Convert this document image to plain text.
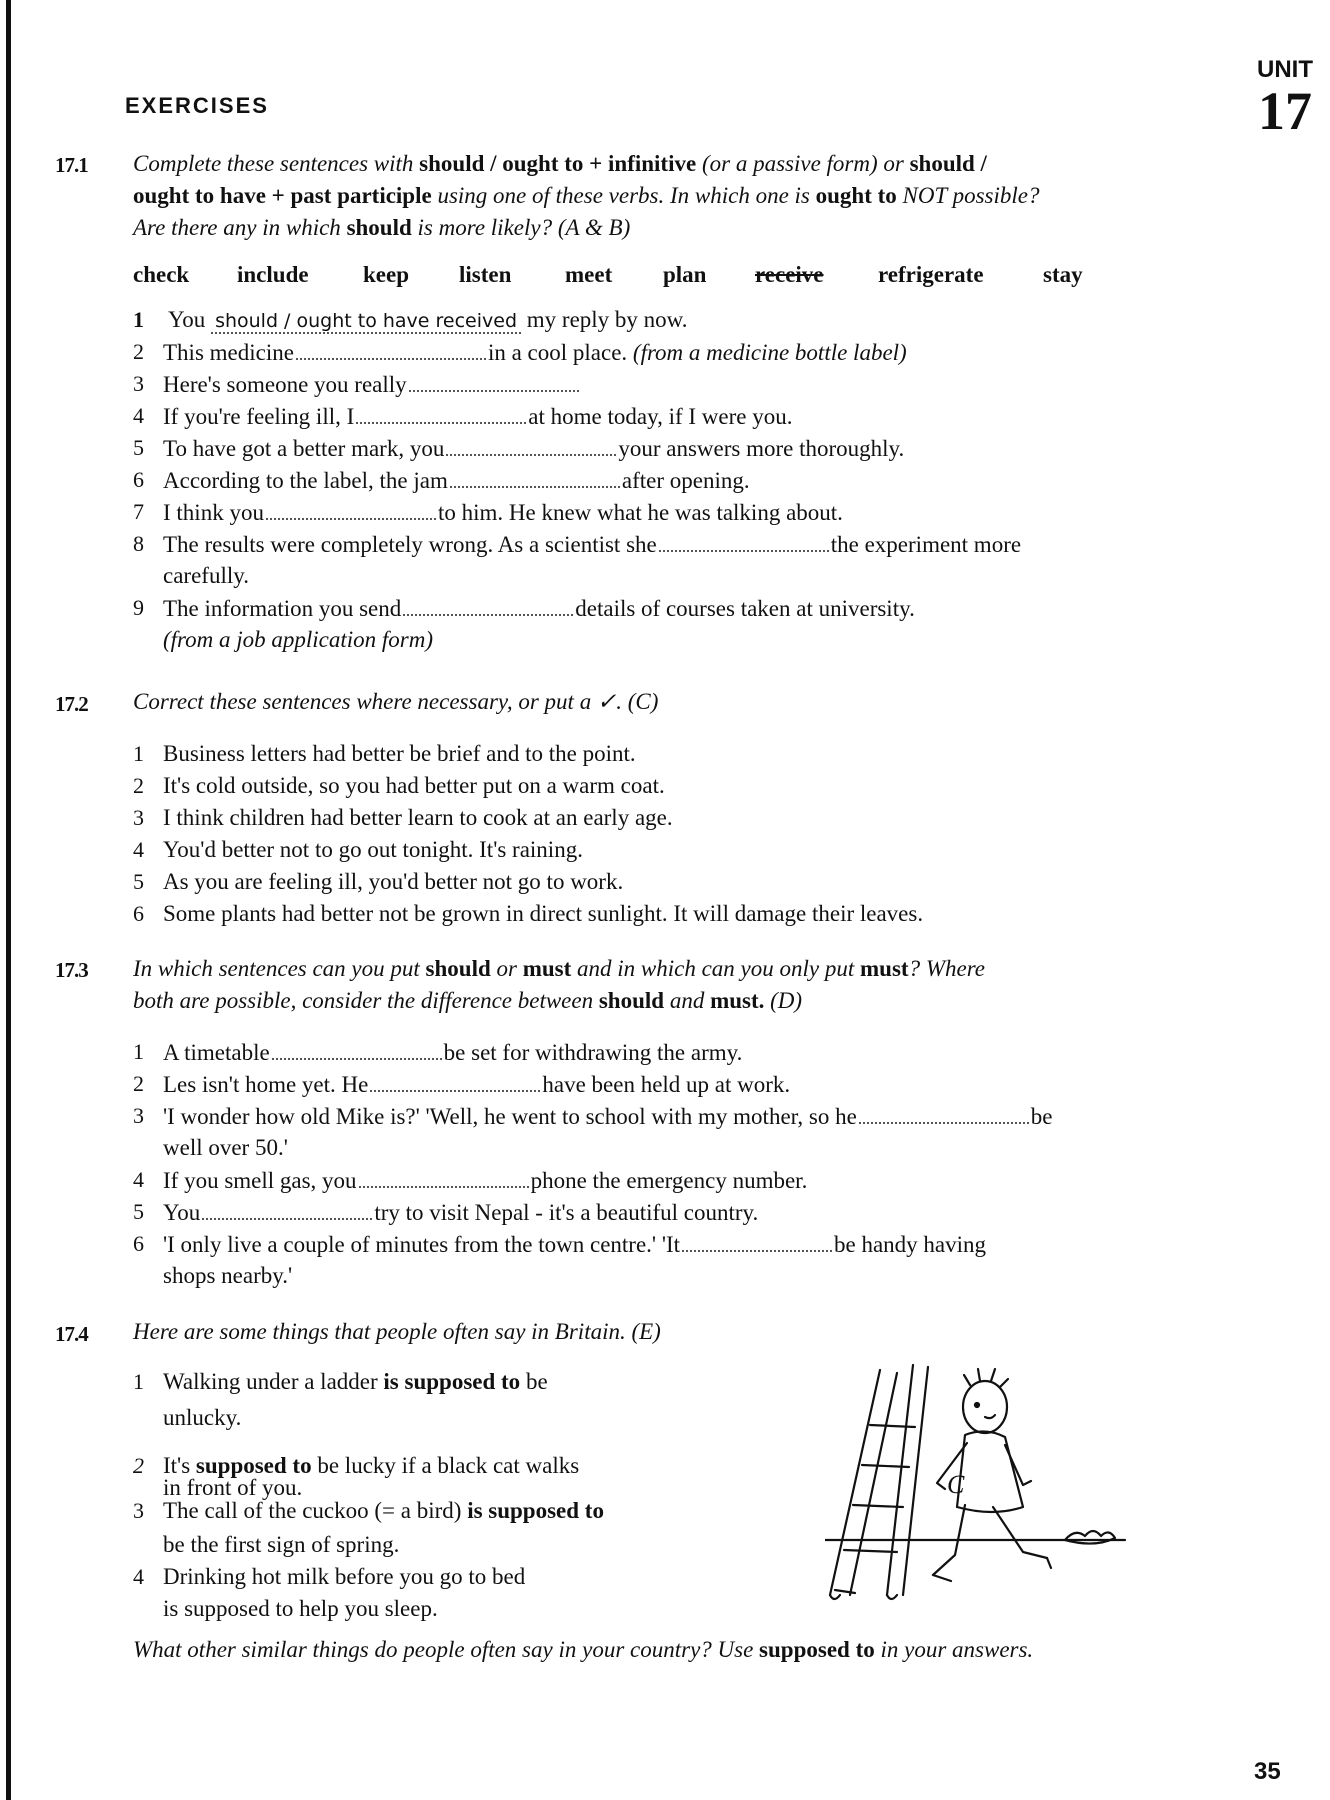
UNIT
17
EXERCISES
17.1 Complete these sentences with should / ought to + infinitive (or a passive form) or should /
ought to have + past participle using one of these verbs. In which one is ought to NOT possible?
Are there any in which should is more likely? (A & B)
check include keep listen meet plan receive refrigerate	stay
1 You should / ought to have received my reply by now.
2 This medicine	in a cool place. (from a medicine bottle label)
3 Here's someone you really
4 If you're feeling ill, I	at home today, if I were you.
5 To have got a better mark, you	your answers more thoroughly.
6 According to the label, the jam	after opening.
7 I think you	to him. He knew what he was talking about.
8 The results were completely wrong. As a scientist she	the experiment more
carefully.
9 The information you send	details of courses taken at university.
(from a job application form)
17.2 Correct these sentences where necessary, or put a ✓. (C)
1 Business letters had better be brief and to the point.
2 It's cold outside, so you had better put on a warm coat.
3 I think children had better learn to cook at an early age.
4 You'd better not to go out tonight. It's raining.
5 As you are feeling ill, you'd better not go to work.
6 Some plants had better not be grown in direct sunlight. It will damage their leaves.
17.3 In which sentences can you put should or must and in which can you only put must? Where
both are possible, consider the difference between should and must. (D)
1 A timetable	be set for withdrawing the army.
2 Les isn't home yet. He	have been held up at work.
3 'I wonder how old Mike is?' 'Well, he went to school with my mother, so he	be
well over 50.'
4 If you smell gas, you	phone the emergency number.
5 You	try to visit Nepal - it's a beautiful country.
6 'I only live a couple of minutes from the town centre.' 'It	be handy having
shops nearby.'
17.4 Here are some things that people often say in Britain. (E)
1 Walking under a ladder is supposed to be
unlucky.
2 It's supposed to be lucky if a black cat walks
in front of you.
3 The call of the cuckoo (= a bird) is supposed to
be the first sign of spring.
4 Drinking hot milk before you go to bed
is supposed to help you sleep.
C
What other similar things do people often say in your country? Use supposed to in your answers.
35
